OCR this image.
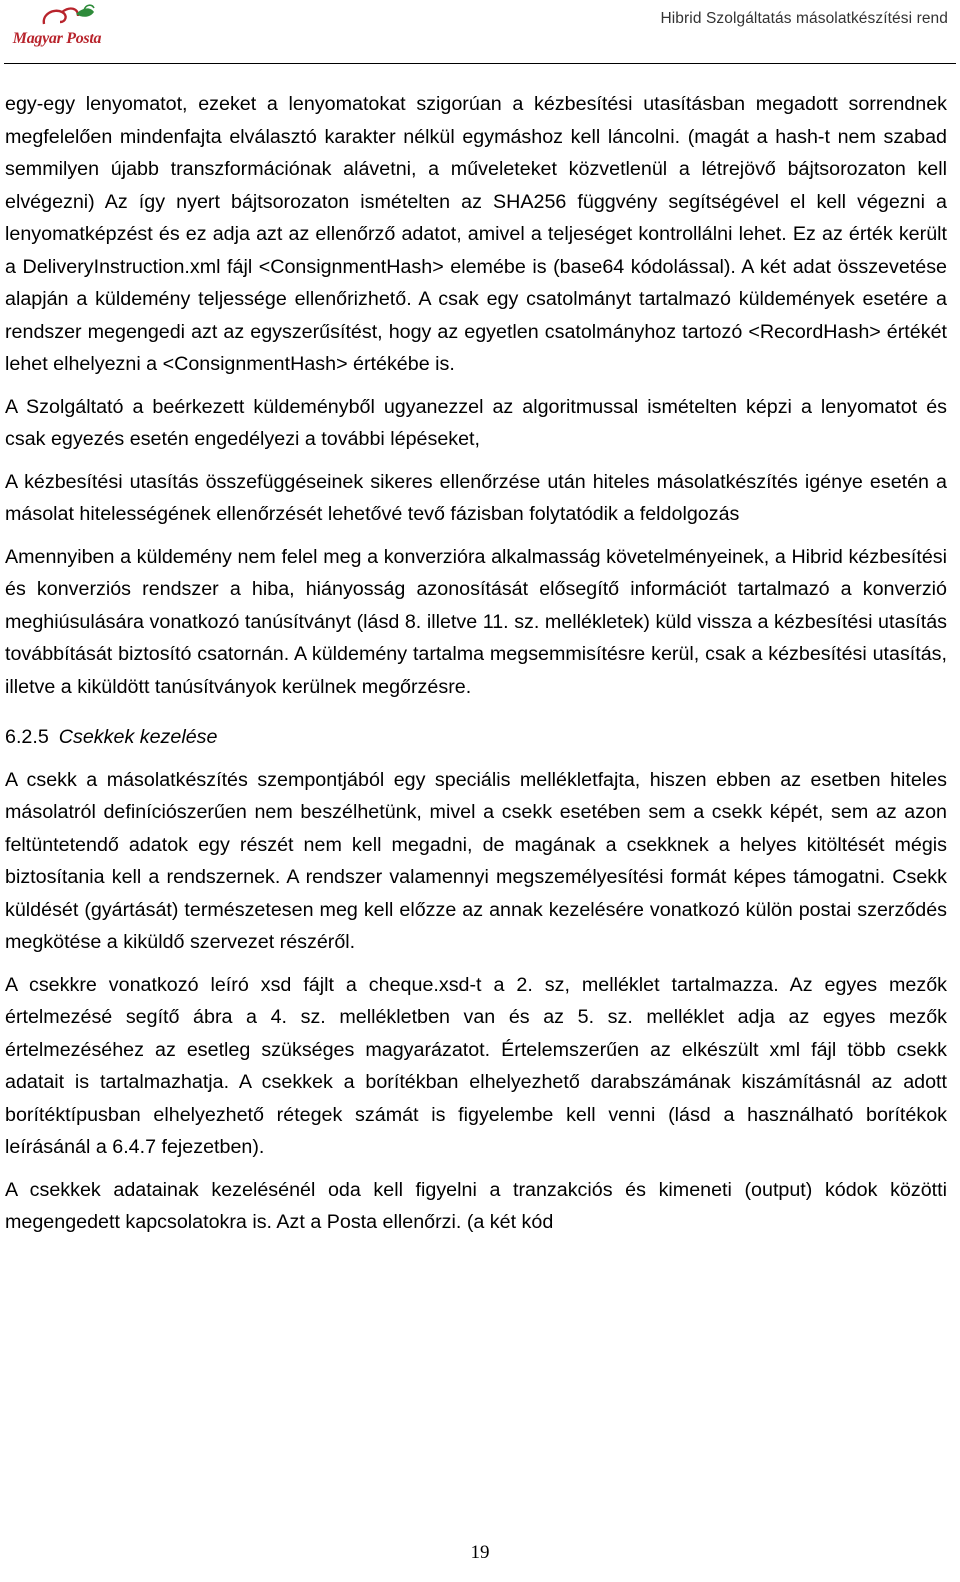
Magyar Posta
Hibrid Szolgáltatás másolatkészítési rend

egy-egy lenyomatot, ezeket a lenyomatokat szigorúan a kézbesítési utasításban megadott sorrendnek megfelelően mindenfajta elválasztó karakter nélkül egymáshoz kell láncolni. (magát a hash-t nem szabad semmilyen újabb transzformációnak alávetni, a műveleteket közvetlenül a létrejövő bájtsorozaton kell elvégezni) Az így nyert bájtsorozaton ismételten az SHA256 függvény segítségével el kell végezni a lenyomatképzést és ez adja azt az ellenőrző adatot, amivel a teljeséget kontrollálni lehet. Ez az érték került a DeliveryInstruction.xml fájl <ConsignmentHash> elemébe is (base64 kódolással). A két adat összevetése alapján a küldemény teljessége ellenőrizhető. A csak egy csatolmányt tartalmazó küldemények esetére a rendszer megengedi azt az egyszerűsítést, hogy az egyetlen csatolmányhoz tartozó <RecordHash> értékét lehet elhelyezni a <ConsignmentHash> értékébe is.

A Szolgáltató a beérkezett küldeményből ugyanezzel az algoritmussal ismételten képzi a lenyomatot és csak egyezés esetén engedélyezi a további lépéseket,

A kézbesítési utasítás összefüggéseinek sikeres ellenőrzése után hiteles másolatkészítés igénye esetén a másolat hitelességének ellenőrzését lehetővé tevő fázisban folytatódik a feldolgozás

Amennyiben a küldemény nem felel meg a konverzióra alkalmasság követelményeinek, a Hibrid kézbesítési és konverziós rendszer a hiba, hiányosság azonosítását elősegítő információt tartalmazó a konverzió meghiúsulására vonatkozó tanúsítványt (lásd 8. illetve 11. sz. mellékletek) küld vissza a kézbesítési utasítás továbbítását biztosító csatornán. A küldemény tartalma megsemmisítésre kerül, csak a kézbesítési utasítás, illetve a kiküldött tanúsítványok kerülnek megőrzésre.

6.2.5 Csekkek kezelése

A csekk a másolatkészítés szempontjából egy speciális mellékletfajta, hiszen ebben az esetben hiteles másolatról definíciószerűen nem beszélhetünk, mivel a csekk esetében sem a csekk képét, sem az azon feltüntetendő adatok egy részét nem kell megadni, de magának a csekknek a helyes kitöltését mégis biztosítania kell a rendszernek. A rendszer valamennyi megszemélyesítési formát képes támogatni. Csekk küldését (gyártását) természetesen meg kell előzze az annak kezelésére vonatkozó külön postai szerződés megkötése a kiküldő szervezet részéről.

A csekkre vonatkozó leíró xsd fájlt a cheque.xsd-t a 2. sz, melléklet tartalmazza. Az egyes mezők értelmezésé segítő ábra a 4. sz. mellékletben van és az 5. sz. melléklet adja az egyes mezők értelmezéséhez az esetleg szükséges magyarázatot. Értelemszerűen az elkészült xml fájl több csekk adatait is tartalmazhatja. A csekkek a borítékban elhelyezhető darabszámának kiszámításnál az adott borítéktípusban elhelyezhető rétegek számát is figyelembe kell venni (lásd a használható borítékok leírásánál a 6.4.7 fejezetben).

A csekkek adatainak kezelésénél oda kell figyelni a tranzakciós és kimeneti (output) kódok közötti megengedett kapcsolatokra is. Azt a Posta ellenőrzi. (a két kód

19
